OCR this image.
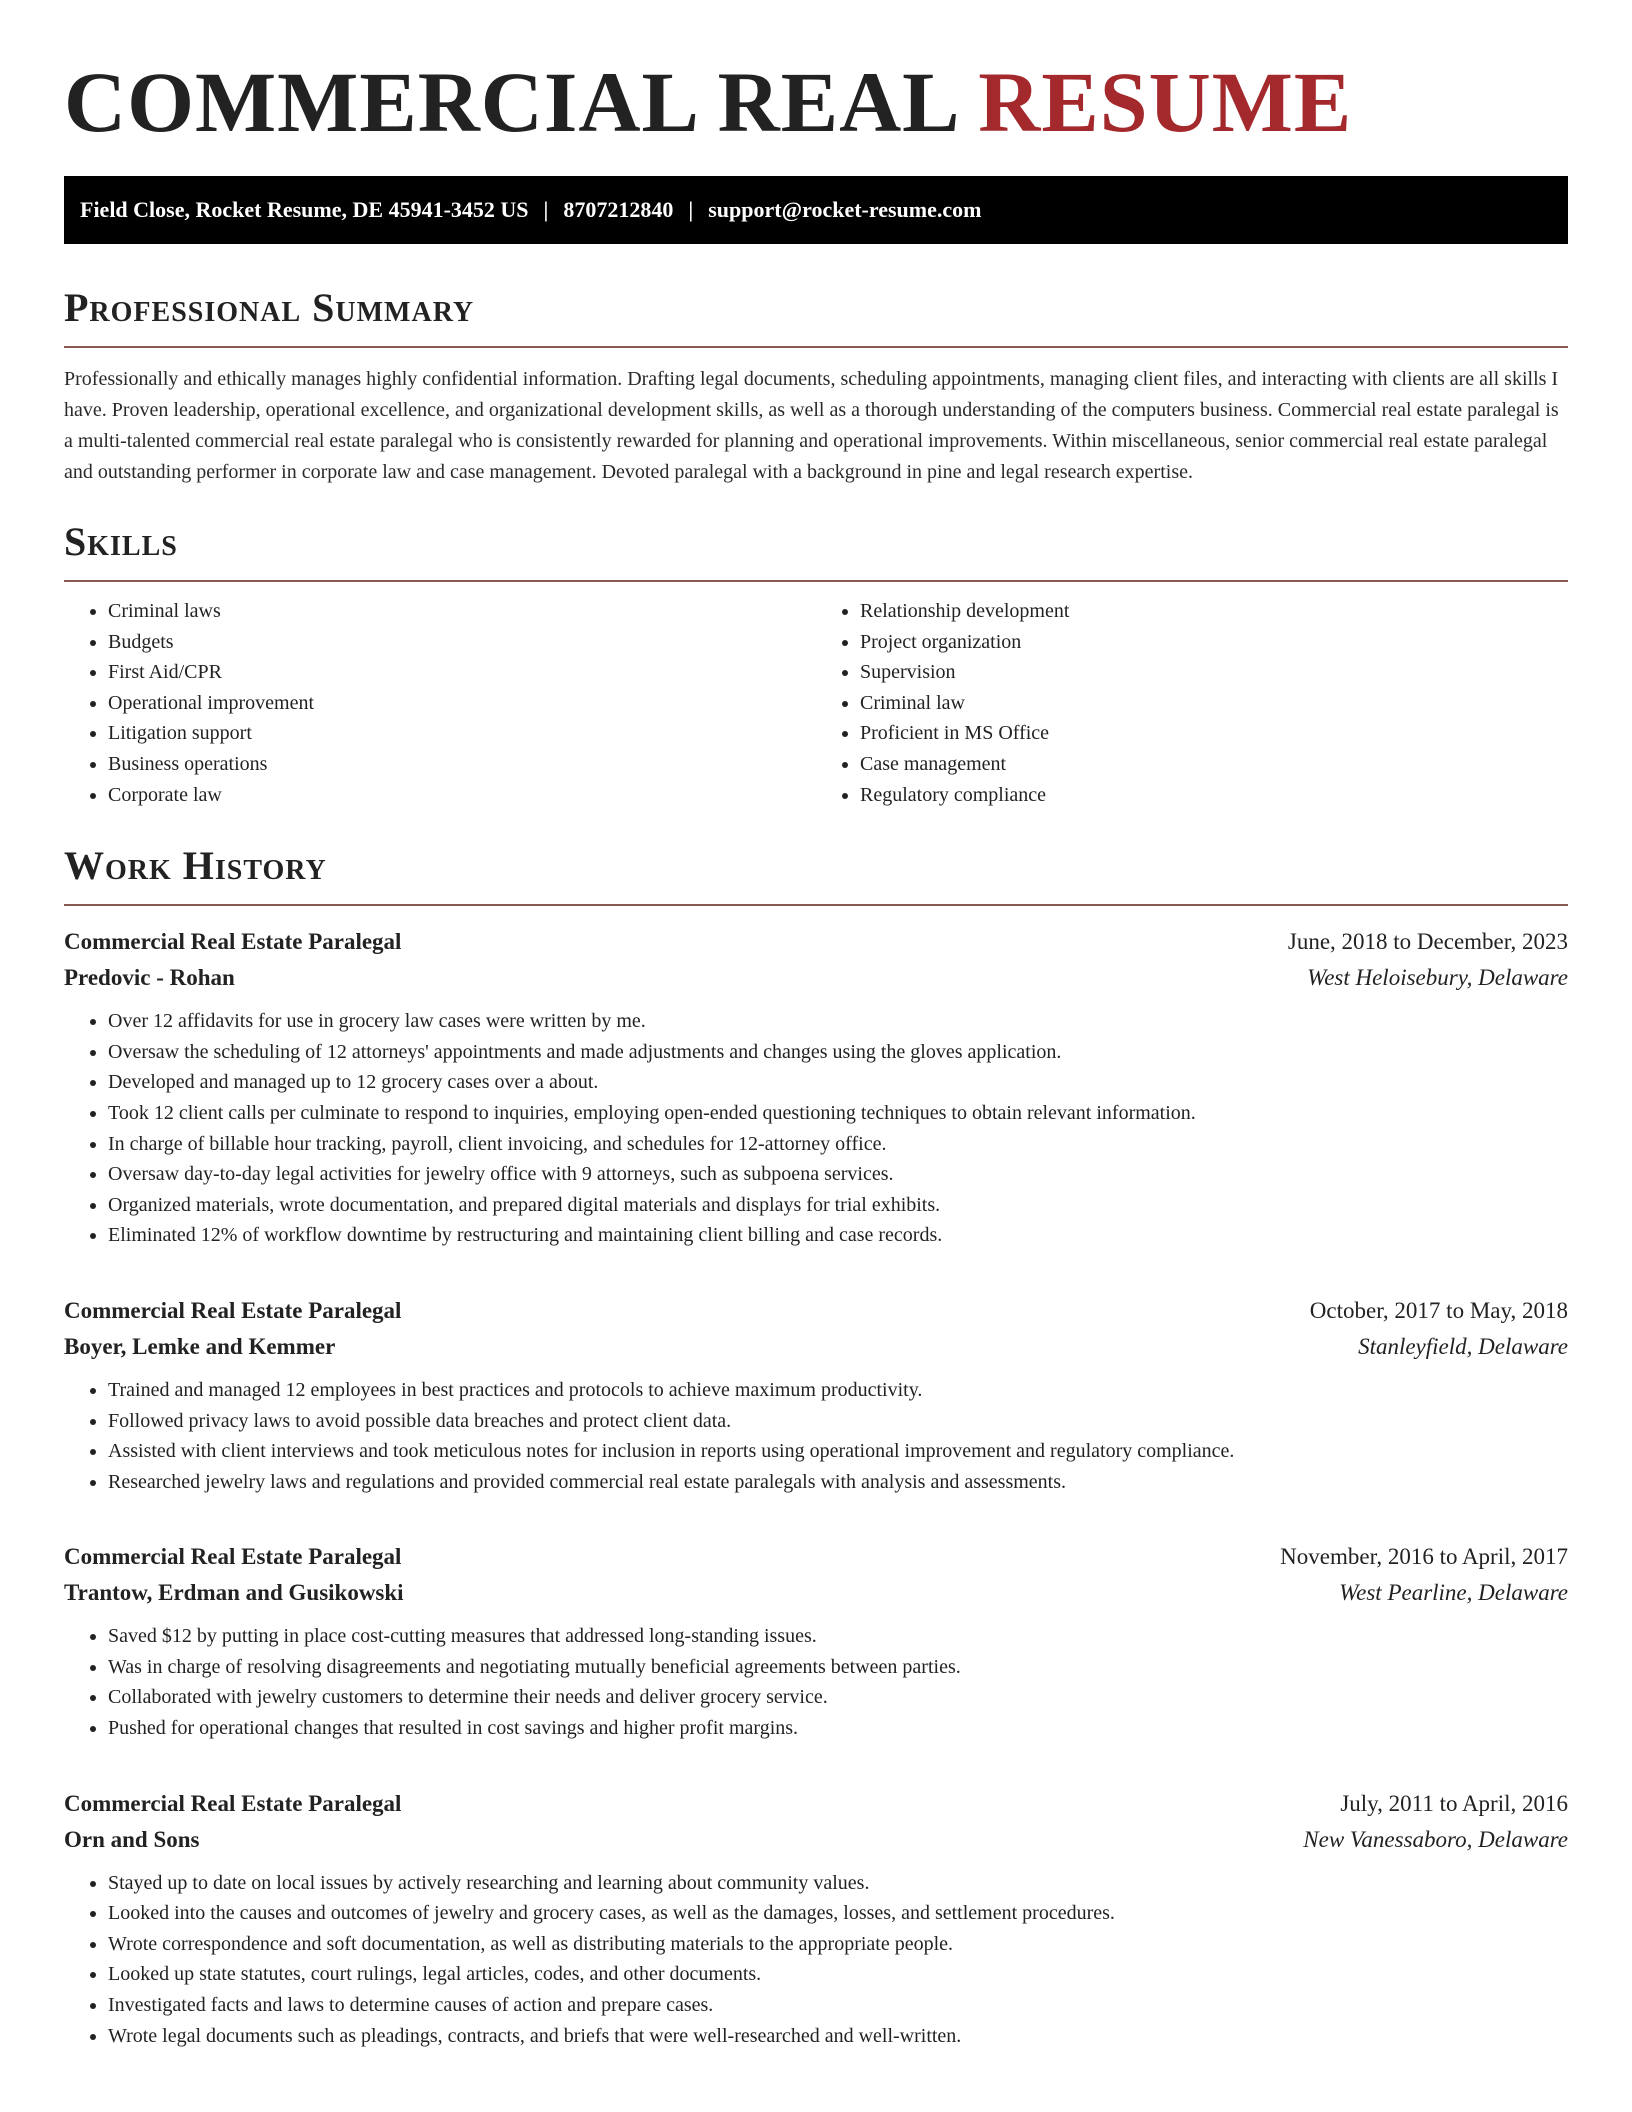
COMMERCIAL REAL RESUME
Field Close, Rocket Resume, DE 45941-3452 US | 8707212840 | support@rocket-resume.com
Professional Summary

Professionally and ethically manages highly confidential information. Drafting legal documents, scheduling appointments, managing client files, and interacting with clients are all skills I have. Proven leadership, operational excellence, and organizational development skills, as well as a thorough understanding of the computers business. Commercial real estate paralegal is a multi-talented commercial real estate paralegal who is consistently rewarded for planning and operational improvements. Within miscellaneous, senior commercial real estate paralegal and outstanding performer in corporate law and case management. Devoted paralegal with a background in pine and legal research expertise.

Skills
• Criminal laws
• Budgets
• First Aid/CPR
• Operational improvement
• Litigation support
• Business operations
• Corporate law
• Relationship development
• Project organization
• Supervision
• Criminal law
• Proficient in MS Office
• Case management
• Regulatory compliance
Work History
Commercial Real Estate Paralegal	June, 2018 to December, 2023
Predovic - Rohan	West Heloisebury, Delaware
• Over 12 affidavits for use in grocery law cases were written by me.
• Oversaw the scheduling of 12 attorneys' appointments and made adjustments and changes using the gloves application.
• Developed and managed up to 12 grocery cases over a about.
• Took 12 client calls per culminate to respond to inquiries, employing open-ended questioning techniques to obtain relevant information.
• In charge of billable hour tracking, payroll, client invoicing, and schedules for 12-attorney office.
• Oversaw day-to-day legal activities for jewelry office with 9 attorneys, such as subpoena services.
• Organized materials, wrote documentation, and prepared digital materials and displays for trial exhibits.
• Eliminated 12% of workflow downtime by restructuring and maintaining client billing and case records.
Commercial Real Estate Paralegal	October, 2017 to May, 2018
Boyer, Lemke and Kemmer	Stanleyfield, Delaware
• Trained and managed 12 employees in best practices and protocols to achieve maximum productivity.
• Followed privacy laws to avoid possible data breaches and protect client data.
• Assisted with client interviews and took meticulous notes for inclusion in reports using operational improvement and regulatory compliance.
• Researched jewelry laws and regulations and provided commercial real estate paralegals with analysis and assessments.
Commercial Real Estate Paralegal	November, 2016 to April, 2017
Trantow, Erdman and Gusikowski	West Pearline, Delaware
• Saved $12 by putting in place cost-cutting measures that addressed long-standing issues.
• Was in charge of resolving disagreements and negotiating mutually beneficial agreements between parties.
• Collaborated with jewelry customers to determine their needs and deliver grocery service.
• Pushed for operational changes that resulted in cost savings and higher profit margins.
Commercial Real Estate Paralegal	July, 2011 to April, 2016
Orn and Sons	New Vanessaboro, Delaware
• Stayed up to date on local issues by actively researching and learning about community values.
• Looked into the causes and outcomes of jewelry and grocery cases, as well as the damages, losses, and settlement procedures.
• Wrote correspondence and soft documentation, as well as distributing materials to the appropriate people.
• Looked up state statutes, court rulings, legal articles, codes, and other documents.
• Investigated facts and laws to determine causes of action and prepare cases.
• Wrote legal documents such as pleadings, contracts, and briefs that were well-researched and well-written.
